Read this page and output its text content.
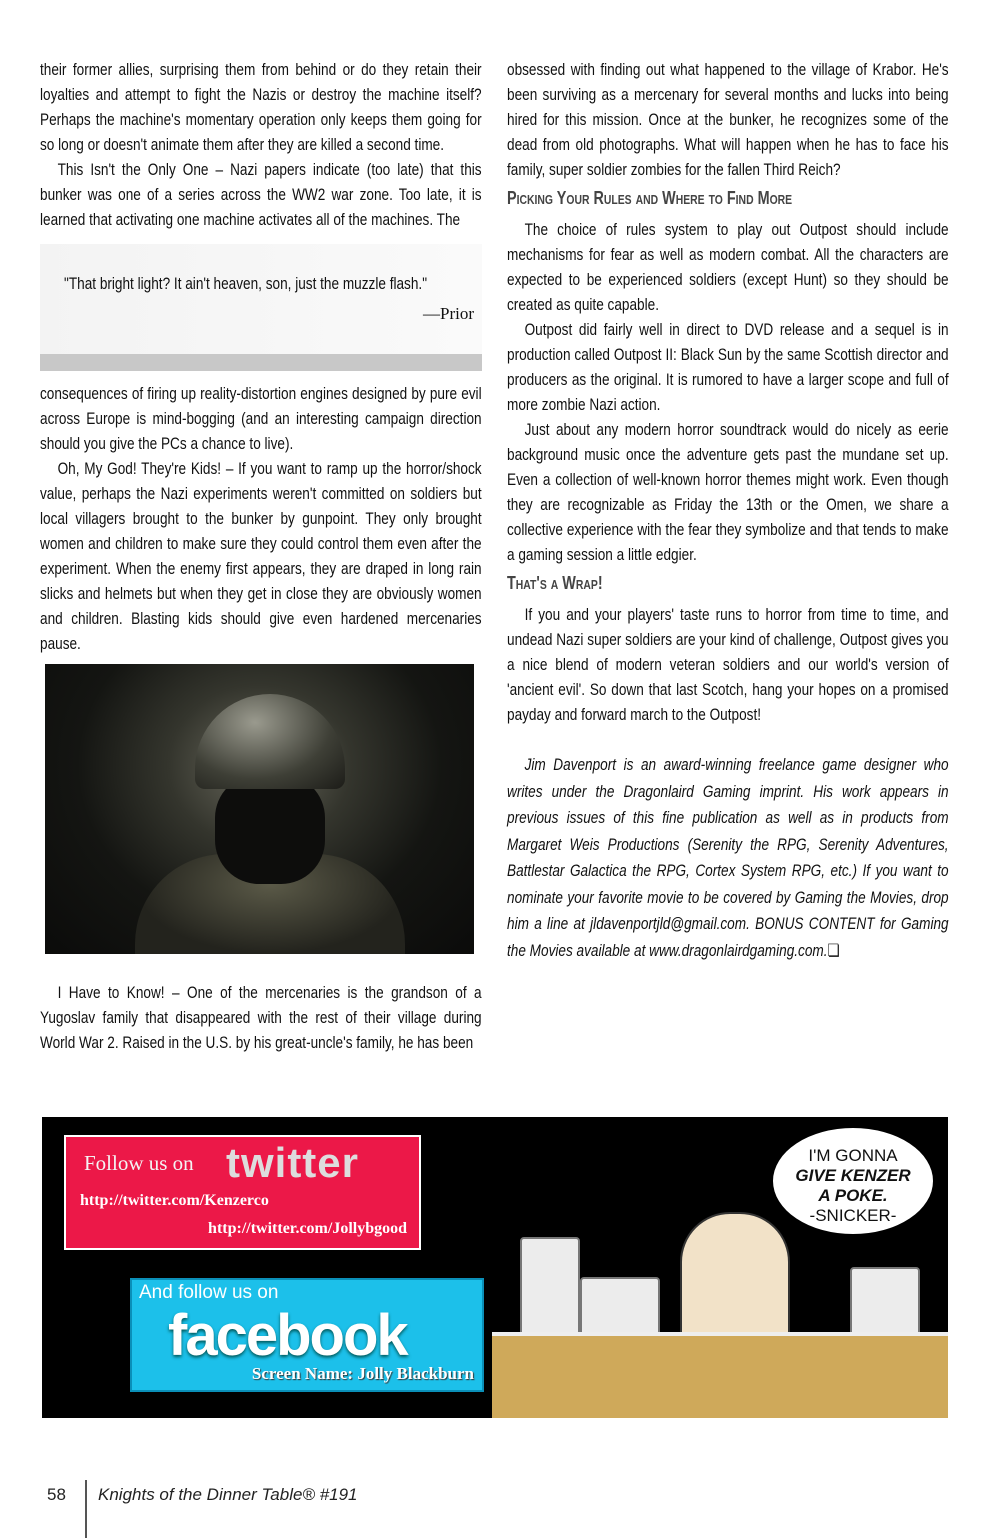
their former allies, surprising them from behind or do they retain their loyalties and attempt to fight the Nazis or destroy the machine itself? Perhaps the machine's momentary operation only keeps them going for so long or doesn't animate them after they are killed a second time.

This Isn't the Only One – Nazi papers indicate (too late) that this bunker was one of a series across the WW2 war zone. Too late, it is learned that activating one machine activates all of the machines. The

"That bright light? It ain't heaven, son, just the muzzle flash."
—Prior

consequences of firing up reality-distortion engines designed by pure evil across Europe is mind-bogging (and an interesting campaign direction should you give the PCs a chance to live).

Oh, My God! They're Kids! – If you want to ramp up the horror/shock value, perhaps the Nazi experiments weren't committed on soldiers but local villagers brought to the bunker by gunpoint. They only brought women and children to make sure they could control them even after the experiment. When the enemy first appears, they are draped in long rain slicks and helmets but when they get in close they are obviously women and children. Blasting kids should give even hardened mercenaries pause.

I Have to Know! – One of the mercenaries is the grandson of a Yugoslav family that disappeared with the rest of their village during World War 2. Raised in the U.S. by his great-uncle's family, he has been

obsessed with finding out what happened to the village of Krabor. He's been surviving as a mercenary for several months and lucks into being hired for this mission. Once at the bunker, he recognizes some of the dead from old photographs. What will happen when he has to face his family, super soldier zombies for the fallen Third Reich?

Picking Your Rules and Where to Find More

The choice of rules system to play out Outpost should include mechanisms for fear as well as modern combat. All the characters are expected to be experienced soldiers (except Hunt) so they should be created as quite capable.

Outpost did fairly well in direct to DVD release and a sequel is in production called Outpost II: Black Sun by the same Scottish director and producers as the original. It is rumored to have a larger scope and full of more zombie Nazi action.

Just about any modern horror soundtrack would do nicely as eerie background music once the adventure gets past the mundane set up. Even a collection of well-known horror themes might work. Even though they are recognizable as Friday the 13th or the Omen, we share a collective experience with the fear they symbolize and that tends to make a gaming session a little edgier.

That's a Wrap!

If you and your players' taste runs to horror from time to time, and undead Nazi super soldiers are your kind of challenge, Outpost gives you a nice blend of modern veteran soldiers and our world's version of 'ancient evil'. So down that last Scotch, hang your hopes on a promised payday and forward march to the Outpost!

Jim Davenport is an award-winning freelance game designer who writes under the Dragonlaird Gaming imprint. His work appears in previous issues of this fine publication as well as in products from Margaret Weis Productions (Serenity the RPG, Serenity Adventures, Battlestar Galactica the RPG, Cortex System RPG, etc.) If you want to nominate your favorite movie to be covered by Gaming the Movies, drop him a line at jldavenportjld@gmail.com. BONUS CONTENT for Gaming the Movies available at www.dragonlairdgaming.com.❏

Follow us on twitter
http://twitter.com/Kenzerco
http://twitter.com/Jollybgood
And follow us on
facebook
Screen Name: Jolly Blackburn
I'M GONNA
GIVE KENZER
A POKE.
-SNICKER-
58 Knights of the Dinner Table® #191
